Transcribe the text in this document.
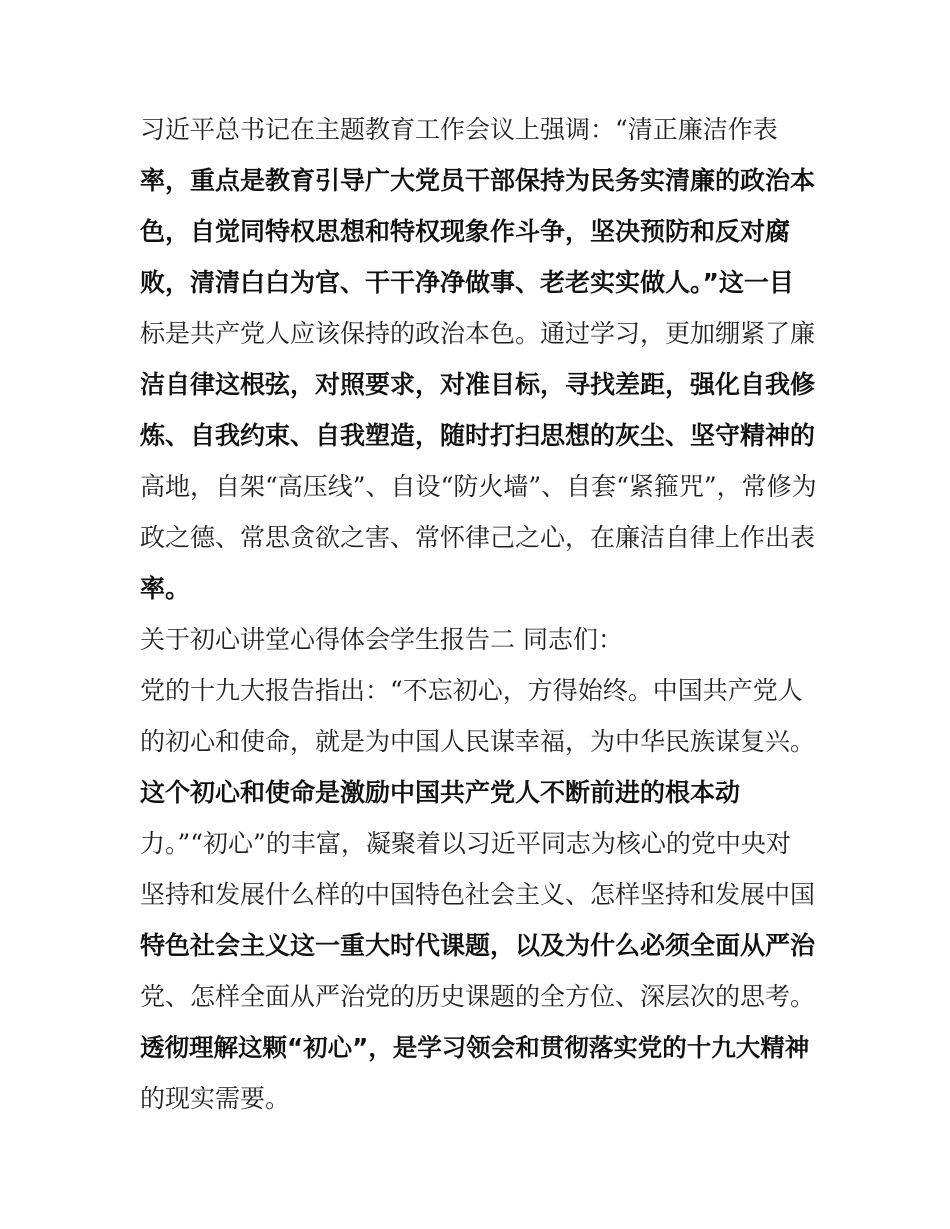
习近平总书记在主题教育工作会议上强调：“清正廉洁作表
率，重点是教育引导广大党员干部保持为民务实清廉的政治本
色，自觉同特权思想和特权现象作斗争，坚决预防和反对腐
败，清清白白为官、干干净净做事、老老实实做人。”这一目
标是共产党人应该保持的政治本色。通过学习，更加绷紧了廉
洁自律这根弦，对照要求，对准目标，寻找差距，强化自我修
炼、自我约束、自我塑造，随时打扫思想的灰尘、坚守精神的
高地，自架“高压线”、自设“防火墙”、自套“紧箍咒”，常修为
政之德、常思贪欲之害、常怀律己之心，在廉洁自律上作出表
率。
关于初心讲堂心得体会学生报告二 同志们：
党的十九大报告指出：“不忘初心，方得始终。中国共产党人
的初心和使命，就是为中国人民谋幸福，为中华民族谋复兴。
这个初心和使命是激励中国共产党人不断前进的根本动
力。”“初心”的丰富，凝聚着以习近平同志为核心的党中央对
坚持和发展什么样的中国特色社会主义、怎样坚持和发展中国
特色社会主义这一重大时代课题，以及为什么必须全面从严治
党、怎样全面从严治党的历史课题的全方位、深层次的思考。
透彻理解这颗“初心”，是学习领会和贯彻落实党的十九大精神
的现实需要。
